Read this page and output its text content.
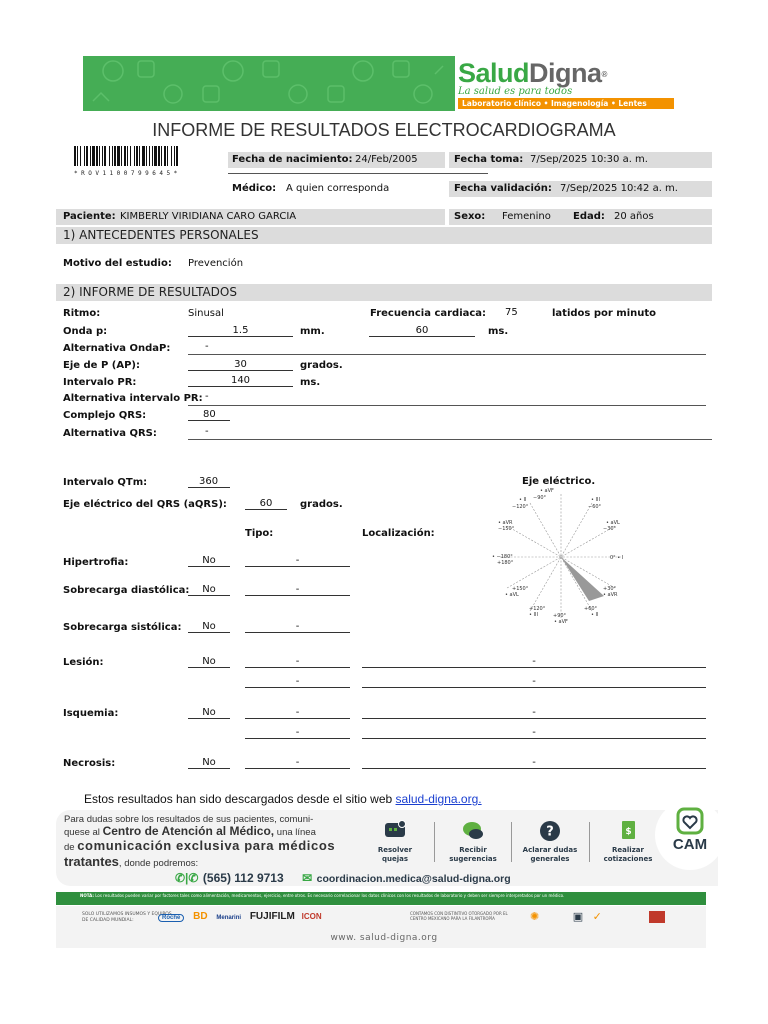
SaludDigna®
La salud es para todos
Laboratorio clínico • Imagenología • Lentes
INFORME DE RESULTADOS ELECTROCARDIOGRAMA
*ROV1100799645*
Fecha de nacimiento: 24/Feb/2005	Fecha toma: 7/Sep/2025 10:30 a. m.
Médico: A quien corresponda	Fecha validación: 7/Sep/2025 10:42 a. m.
Paciente: KIMBERLY VIRIDIANA CARO GARCIA	Sexo: Femenino Edad: 20 años
1) ANTECEDENTES PERSONALES
Motivo del estudio: Prevención
2) INFORME DE RESULTADOS
Ritmo:	Sinusal	Frecuencia cardiaca: 75	latidos por minuto
Onda p:	1.5	mm.	60	ms.
Alternativa OndaP:	-
Eje de P (AP):	30	grados.
Intervalo PR:	140	ms.
Alternativa intervalo PR: -
Complejo QRS:	80
Alternativa QRS:	-
Intervalo QTm:	360
Eje eléctrico del QRS (aQRS):	60	grados.
Eje eléctrico.
• aVF
−90°
• II
−120°
• III
−60°
• aVR
−150°
• aVL
−30°
• −180°
+180°
0° • I
+150°
• aVL
+30°
• aVR
+120°
• III	+90°
• aVF
+60°
• II
Tipo:	Localización:
Hipertrofia:	No	-
Sobrecarga diastólica:	No	-
Sobrecarga sistólica:	No	-
Lesión:	No	-	-
-	-
Isquemia:	No	-	-
-	-
Necrosis:	No	-	-
Estos resultados han sido descargados desde el sitio web salud-digna.org.
Para dudas sobre los resultados de sus pacientes, comuni-
quese al Centro de Atención al Médico, una línea
de comunicación exclusiva para médicos
tratantes, donde podremos:
Resolver
quejas
Recibir
sugerencias
?
Aclarar dudas
generales
$
Realizar
cotizaciones
CAM
✆|✆ (565) 112 9713 ✉ coordinacion.medica@salud-digna.org
NOTA: Los resultados pueden variar por factores tales como alimentación, medicamentos, ejercicio, entre otros. Es necesario correlacionar los datos clínicos con los resultados de laboratorio y deben ser siempre interpretados por un médico.
SOLO UTILIZAMOS INSUMOS Y EQUIPOS DE CALIDAD MUNDIAL:	Roche BD Menarini FUJIFILM ICON	CONTAMOS CON DISTINTIVO OTORGADO POR EL CENTRO MEXICANO PARA LA FILANTROPÍA	✺	▣ ✓
www. salud-digna.org
